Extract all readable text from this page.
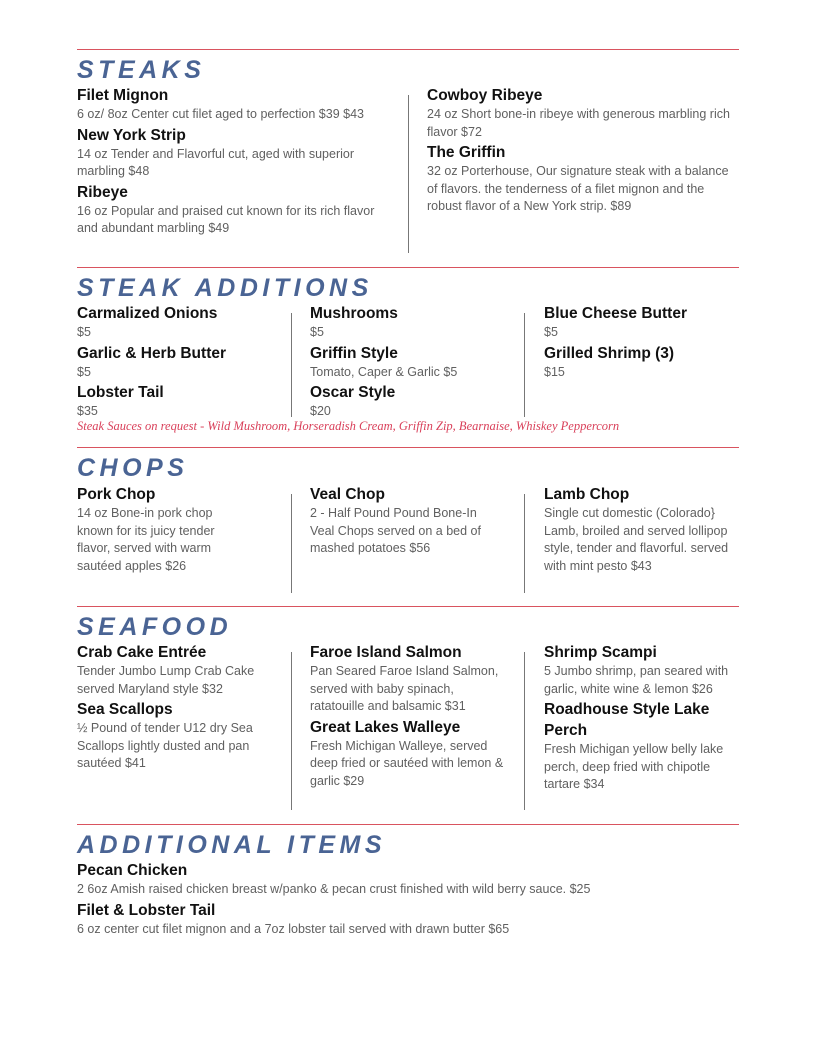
STEAKS
Filet Mignon
6 oz/ 8oz Center cut filet aged to perfection $39 $43
New York Strip
14 oz Tender and Flavorful cut, aged with superior marbling $48
Ribeye
16 oz Popular and praised cut known for its rich flavor and abundant marbling $49
Cowboy Ribeye
24 oz Short bone-in ribeye with generous marbling rich flavor $72
The Griffin
32 oz Porterhouse, Our signature steak with a balance of flavors. the tenderness of a filet mignon and the robust flavor of a New York strip. $89
STEAK ADDITIONS
Carmalized Onions
$5
Garlic & Herb Butter
$5
Lobster Tail
$35
Mushrooms
$5
Griffin Style
Tomato, Caper & Garlic $5
Oscar Style
$20
Blue Cheese Butter
$5
Grilled Shrimp (3)
$15
Steak Sauces on request - Wild Mushroom, Horseradish Cream, Griffin Zip, Bearnaise, Whiskey Peppercorn
CHOPS
Pork Chop
14 oz Bone-in pork chop known for its juicy tender flavor, served with warm sautéed apples $26
Veal Chop
2 - Half Pound Pound Bone-In Veal Chops served on a bed of mashed potatoes $56
Lamb Chop
Single cut domestic (Colorado} Lamb, broiled and served lollipop style, tender and flavorful. served with mint pesto $43
SEAFOOD
Crab Cake Entrée
Tender Jumbo Lump Crab Cake served Maryland style $32
Sea Scallops
½ Pound of tender U12 dry Sea Scallops lightly dusted and pan sautéed $41
Faroe Island Salmon
Pan Seared Faroe Island Salmon, served with baby spinach, ratatouille and balsamic $31
Great Lakes Walleye
Fresh Michigan Walleye, served deep fried or sautéed with lemon & garlic $29
Shrimp Scampi
5 Jumbo shrimp, pan seared with garlic, white wine & lemon $26
Roadhouse Style Lake Perch
Fresh Michigan yellow belly lake perch, deep fried with chipotle tartare $34
ADDITIONAL ITEMS
Pecan Chicken
2 6oz Amish raised chicken breast w/panko & pecan crust finished with wild berry sauce. $25
Filet & Lobster Tail
6 oz center cut filet mignon and a 7oz lobster tail served with drawn butter $65
